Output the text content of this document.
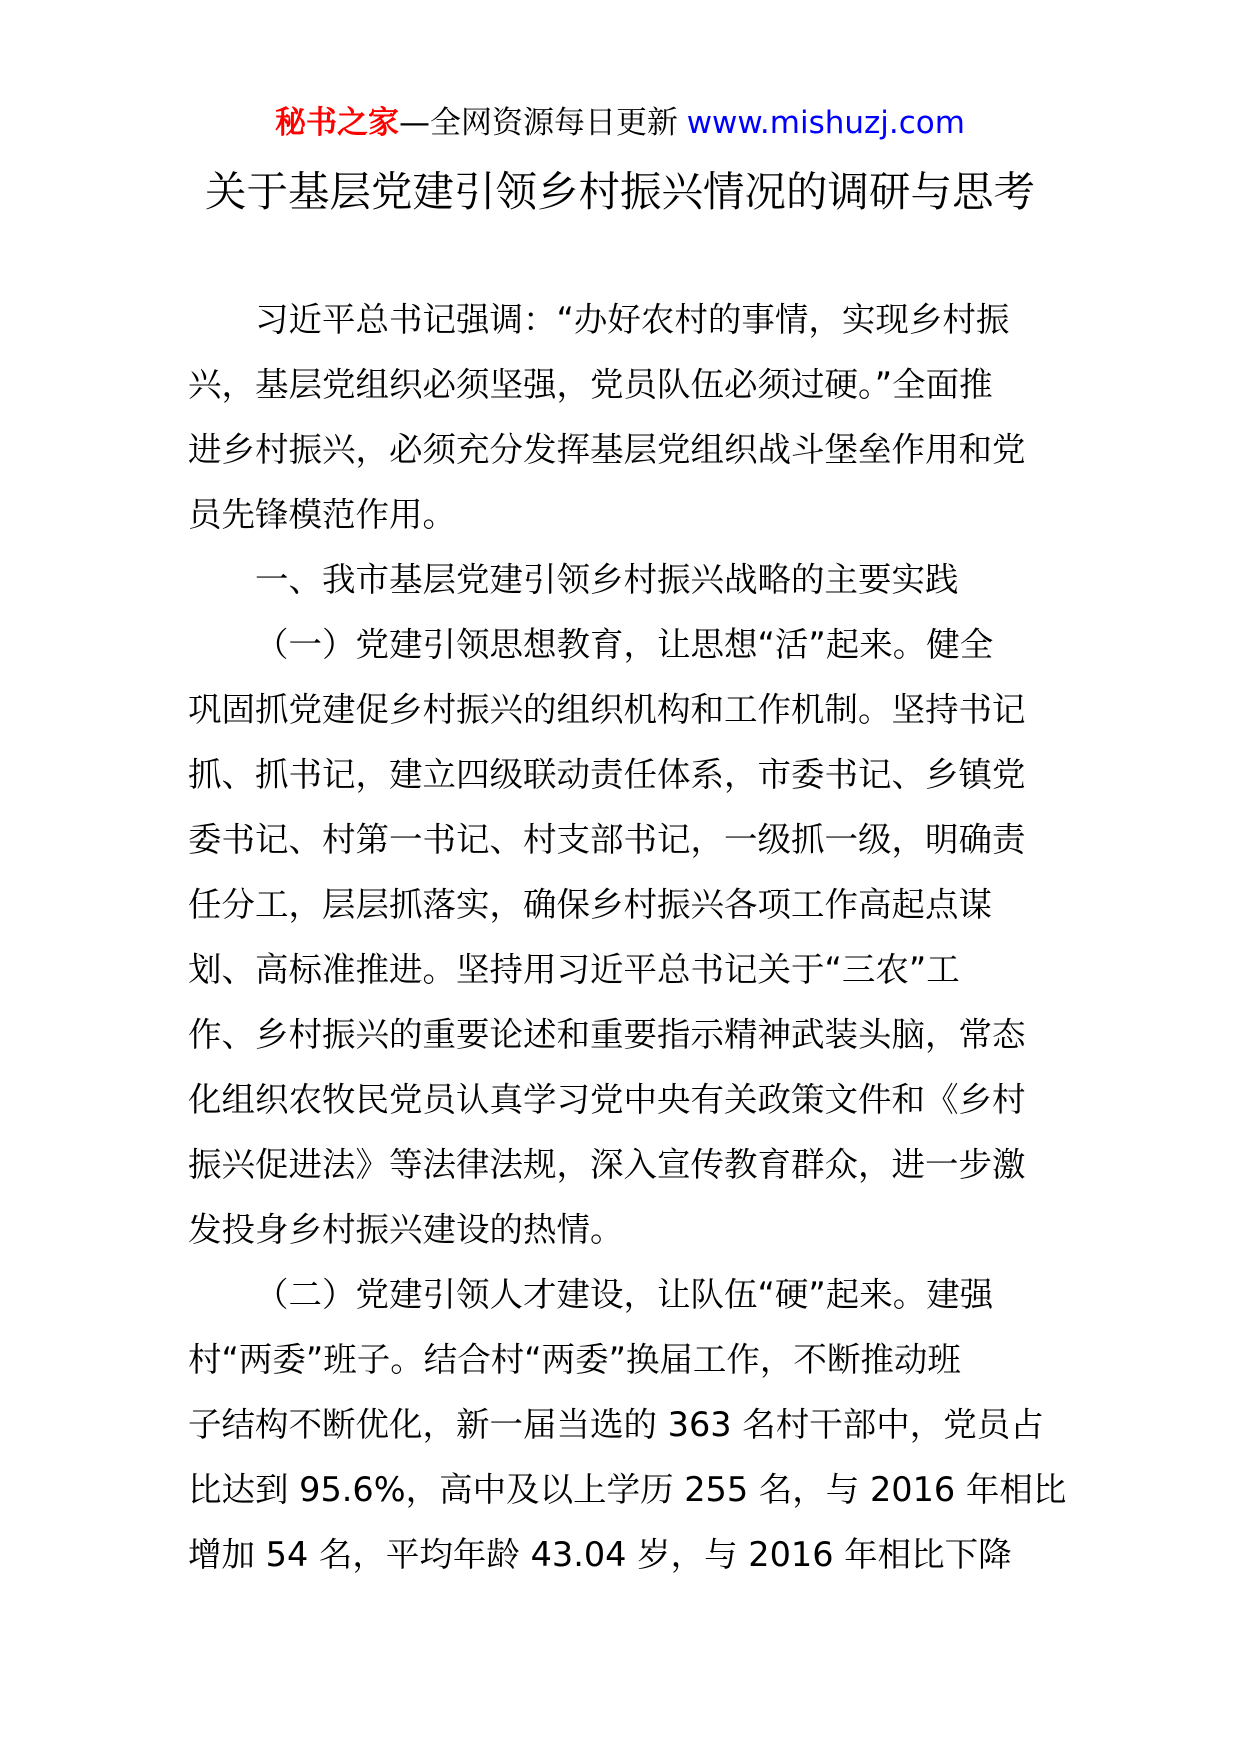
秘书之家—全网资源每日更新 www.mishuzj.com
关于基层党建引领乡村振兴情况的调研与思考
习近平总书记强调：“办好农村的事情，实现乡村振
兴，基层党组织必须坚强，党员队伍必须过硬。”全面推
进乡村振兴，必须充分发挥基层党组织战斗堡垒作用和党
员先锋模范作用。
一、我市基层党建引领乡村振兴战略的主要实践
（一）党建引领思想教育，让思想“活”起来。健全
巩固抓党建促乡村振兴的组织机构和工作机制。坚持书记
抓、抓书记，建立四级联动责任体系，市委书记、乡镇党
委书记、村第一书记、村支部书记，一级抓一级，明确责
任分工，层层抓落实，确保乡村振兴各项工作高起点谋
划、高标准推进。坚持用习近平总书记关于“三农”工
作、乡村振兴的重要论述和重要指示精神武装头脑，常态
化组织农牧民党员认真学习党中央有关政策文件和《乡村
振兴促进法》等法律法规，深入宣传教育群众，进一步激
发投身乡村振兴建设的热情。
（二）党建引领人才建设，让队伍“硬”起来。建强
村“两委”班子。结合村“两委”换届工作，不断推动班
子结构不断优化，新一届当选的 363 名村干部中，党员占
比达到 95.6%，高中及以上学历 255 名，与 2016 年相比
增加 54 名，平均年龄 43.04 岁，与 2016 年相比下降
